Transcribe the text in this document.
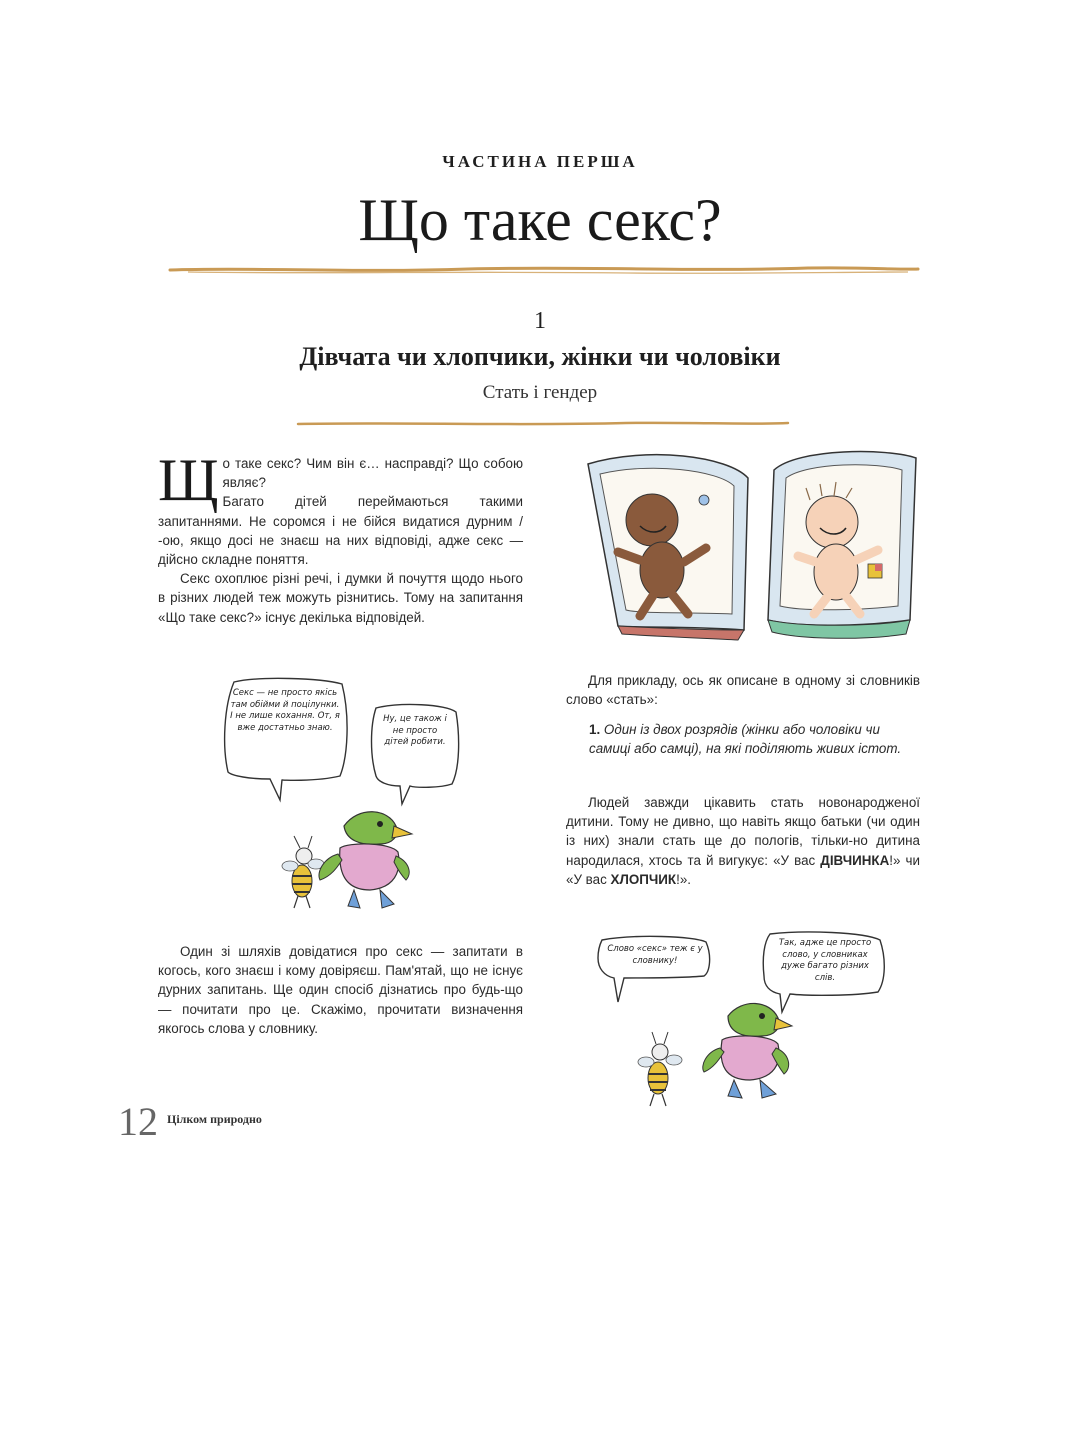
ЧАСТИНА ПЕРША
Що таке секс?
1
Дівчата чи хлопчики, жінки чи чоловіки
Стать і гендер

Щ о таке секс? Чим він є… насправді? Що собою являє?

Багато дітей переймаються такими запитаннями. Не соромся і не бійся видатися дурним / -ою, якщо досі не знаєш на них відповіді, адже секс — дійсно складне поняття.

Секс охоплює різні речі, і думки й почуття щодо нього в різних людей теж можуть різнитись. Тому на запитання «Що таке секс?» існує декілька відповідей.

Секс — не просто якісь там обійми й поцілунки. І не лише кохання. От, я вже достатньо знаю.
Ну, це також і не просто дітей робити.
Один зі шляхів довідатися про секс — запитати в когось, кого знаєш і кому довіряєш. Пам'ятай, що не існує дурних запитань. Ще один спосіб дізнатись про будь-що — почитати про це. Скажімо, прочитати визначення якогось слова у словнику.
Для прикладу, ось як описане в одному зі словників слово «стать»:
1. Один із двох розрядів (жінки або чоловіки чи самиці або самці), на які поділяють живих істот.
Людей завжди цікавить стать новонародженої дитини. Тому не дивно, що навіть якщо батьки (чи один із них) знали стать ще до пологів, тільки-но дитина народилася, хтось та й вигукує: «У вас ДІВЧИНКА!» чи «У вас ХЛОПЧИК!».
Слово «секс» теж є у словнику!
Так, адже це просто слово, у словниках дуже багато різних слів.
12 Цілком природно
